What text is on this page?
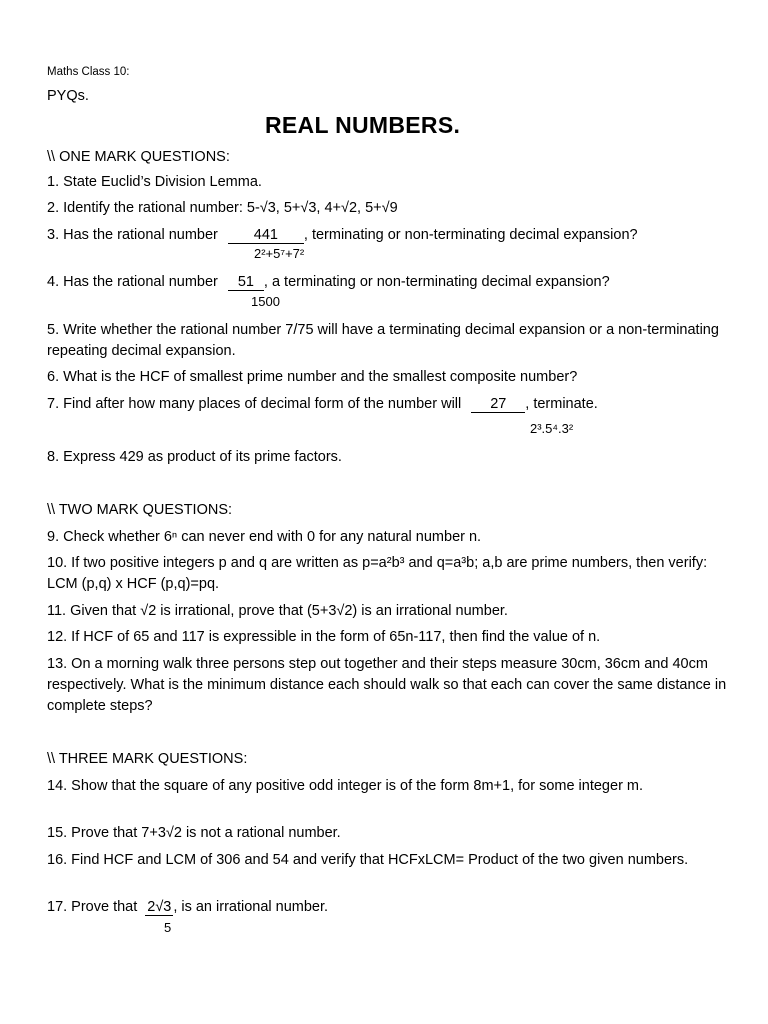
Maths Class 10:
PYQs.
REAL NUMBERS.
\\ ONE MARK QUESTIONS:
1. State Euclid’s Division Lemma.
2. Identify the rational number: 5-√3, 5+√3, 4+√2, 5+√9
3. Has the rational number 441 , terminating or non-terminating decimal expansion?
2²+5⁷+7²
4. Has the rational number 51 , a terminating or non-terminating decimal expansion?
1500
5. Write whether the rational number 7/75 will have a terminating decimal expansion or a non-terminating repeating decimal expansion.
6. What is the HCF of smallest prime number and the smallest composite number?
7. Find after how many places of decimal form of the number will 27 , terminate.
2³.5⁴.3²
8. Express 429 as product of its prime factors.
\\ TWO MARK QUESTIONS:
9. Check whether 6ⁿ can never end with 0 for any natural number n.
10. If two positive integers p and q are written as p=a²b³ and q=a³b; a,b are prime numbers, then verify: LCM (p,q) x HCF (p,q)=pq.
11. Given that √2 is irrational, prove that (5+3√2) is an irrational number.
12. If HCF of 65 and 117 is expressible in the form of 65n-117, then find the value of n.
13. On a morning walk three persons step out together and their steps measure 30cm, 36cm and 40cm respectively. What is the minimum distance each should walk so that each can cover the same distance in complete steps?
\\ THREE MARK QUESTIONS:
14. Show that the square of any positive odd integer is of the form 8m+1, for some integer m.
15. Prove that 7+3√2 is not a rational number.
16. Find HCF and LCM of 306 and 54 and verify that HCFxLCM= Product of the two given numbers.
17. Prove that 2√3 , is an irrational number.
5
